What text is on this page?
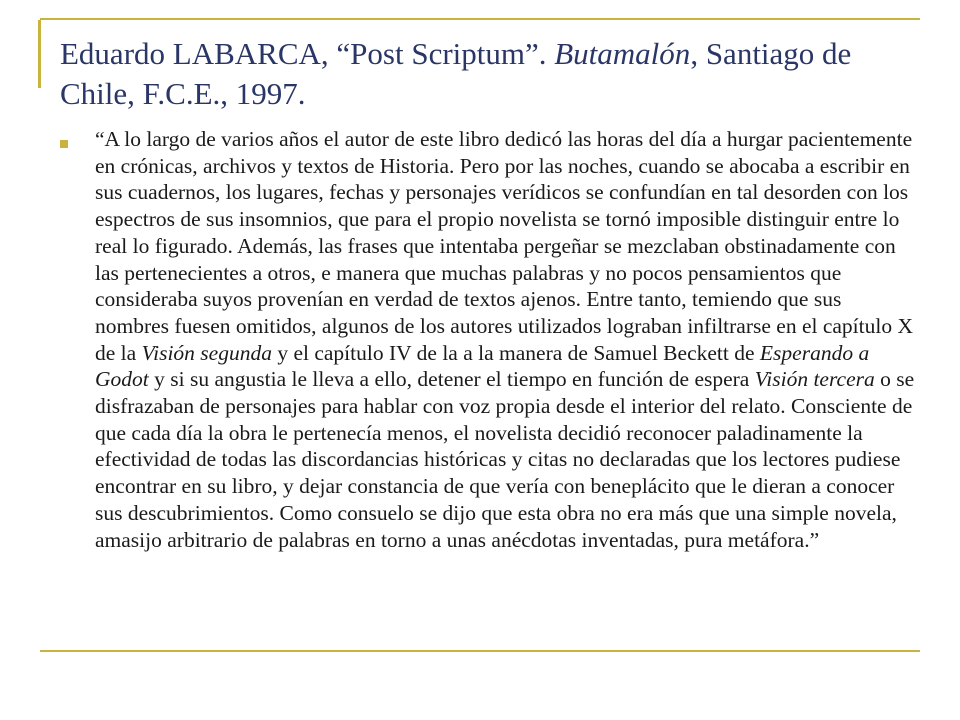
Eduardo LABARCA, “Post Scriptum”. Butamalón, Santiago de Chile, F.C.E., 1997.

“A lo largo de varios años el autor de este libro dedicó las horas del día a hurgar pacientemente en crónicas, archivos y textos de Historia. Pero por las noches, cuando se abocaba a escribir en sus cuadernos, los lugares, fechas y personajes verídicos se confundían en tal desorden con los espectros de sus insomnios, que para el propio novelista se tornó imposible distinguir entre lo real lo figurado. Además, las frases que intentaba pergeñar se mezclaban obstinadamente con las pertenecientes a otros, e manera que muchas palabras y no pocos pensamientos que consideraba suyos provenían en verdad de textos ajenos. Entre tanto, temiendo que sus nombres fuesen omitidos, algunos de los autores utilizados lograban infiltrarse en el capítulo X de la Visión segunda y el capítulo IV de la a la manera de Samuel Beckett de Esperando a Godot y si su angustia le lleva a ello, detener el tiempo en función de espera Visión tercera o se disfrazaban de personajes para hablar con voz propia desde el interior del relato. Consciente de que cada día la obra le pertenecía menos, el novelista decidió reconocer paladinamente la efectividad de todas las discordancias históricas y citas no declaradas que los lectores pudiese encontrar en su libro, y dejar constancia de que vería con beneplácito que le dieran a conocer sus descubrimientos. Como consuelo se dijo que esta obra no era más que una simple novela, amasijo arbitrario de palabras en torno a unas anécdotas inventadas, pura metáfora.”
